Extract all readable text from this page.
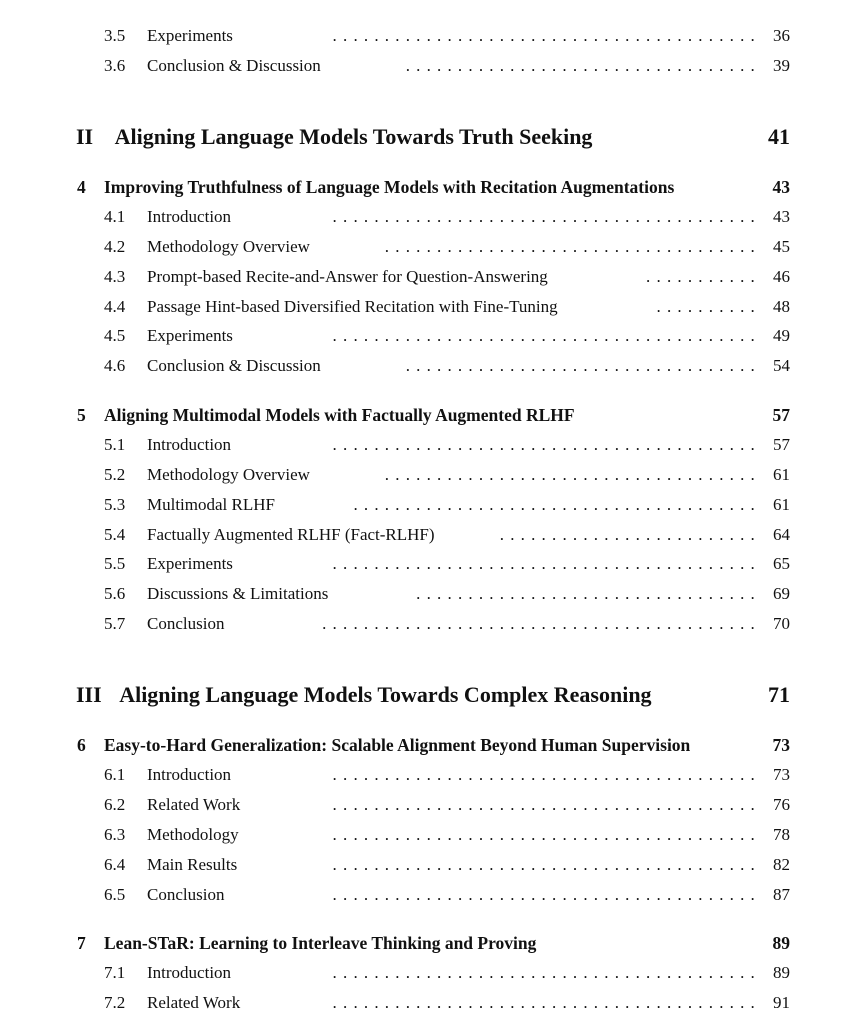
3.5 Experiments	......................................... 36
3.6 Conclusion & Discussion	.................................. 39
II Aligning Language Models Towards Truth Seeking	41
4 Improving Truthfulness of Language Models with Recitation Augmentations	43
4.1 Introduction	......................................... 43
4.2 Methodology Overview	.................................... 45
4.3 Prompt-based Recite-and-Answer for Question-Answering	........... 46
4.4 Passage Hint-based Diversified Recitation with Fine-Tuning	.......... 48
4.5 Experiments	......................................... 49
4.6 Conclusion & Discussion	.................................. 54
5 Aligning Multimodal Models with Factually Augmented RLHF	57
5.1 Introduction	......................................... 57
5.2 Methodology Overview	.................................... 61
5.3 Multimodal RLHF	....................................... 61
5.4 Factually Augmented RLHF (Fact-RLHF)	......................... 64
5.5 Experiments	......................................... 65
5.6 Discussions & Limitations	................................. 69
5.7 Conclusion	.......................................... 70
III Aligning Language Models Towards Complex Reasoning	71
6 Easy-to-Hard Generalization: Scalable Alignment Beyond Human Supervision	73
6.1 Introduction	......................................... 73
6.2 Related Work	......................................... 76
6.3 Methodology	......................................... 78
6.4 Main Results	......................................... 82
6.5 Conclusion	......................................... 87
7 Lean-STaR: Learning to Interleave Thinking and Proving	89
7.1 Introduction	......................................... 89
7.2 Related Work	......................................... 91
